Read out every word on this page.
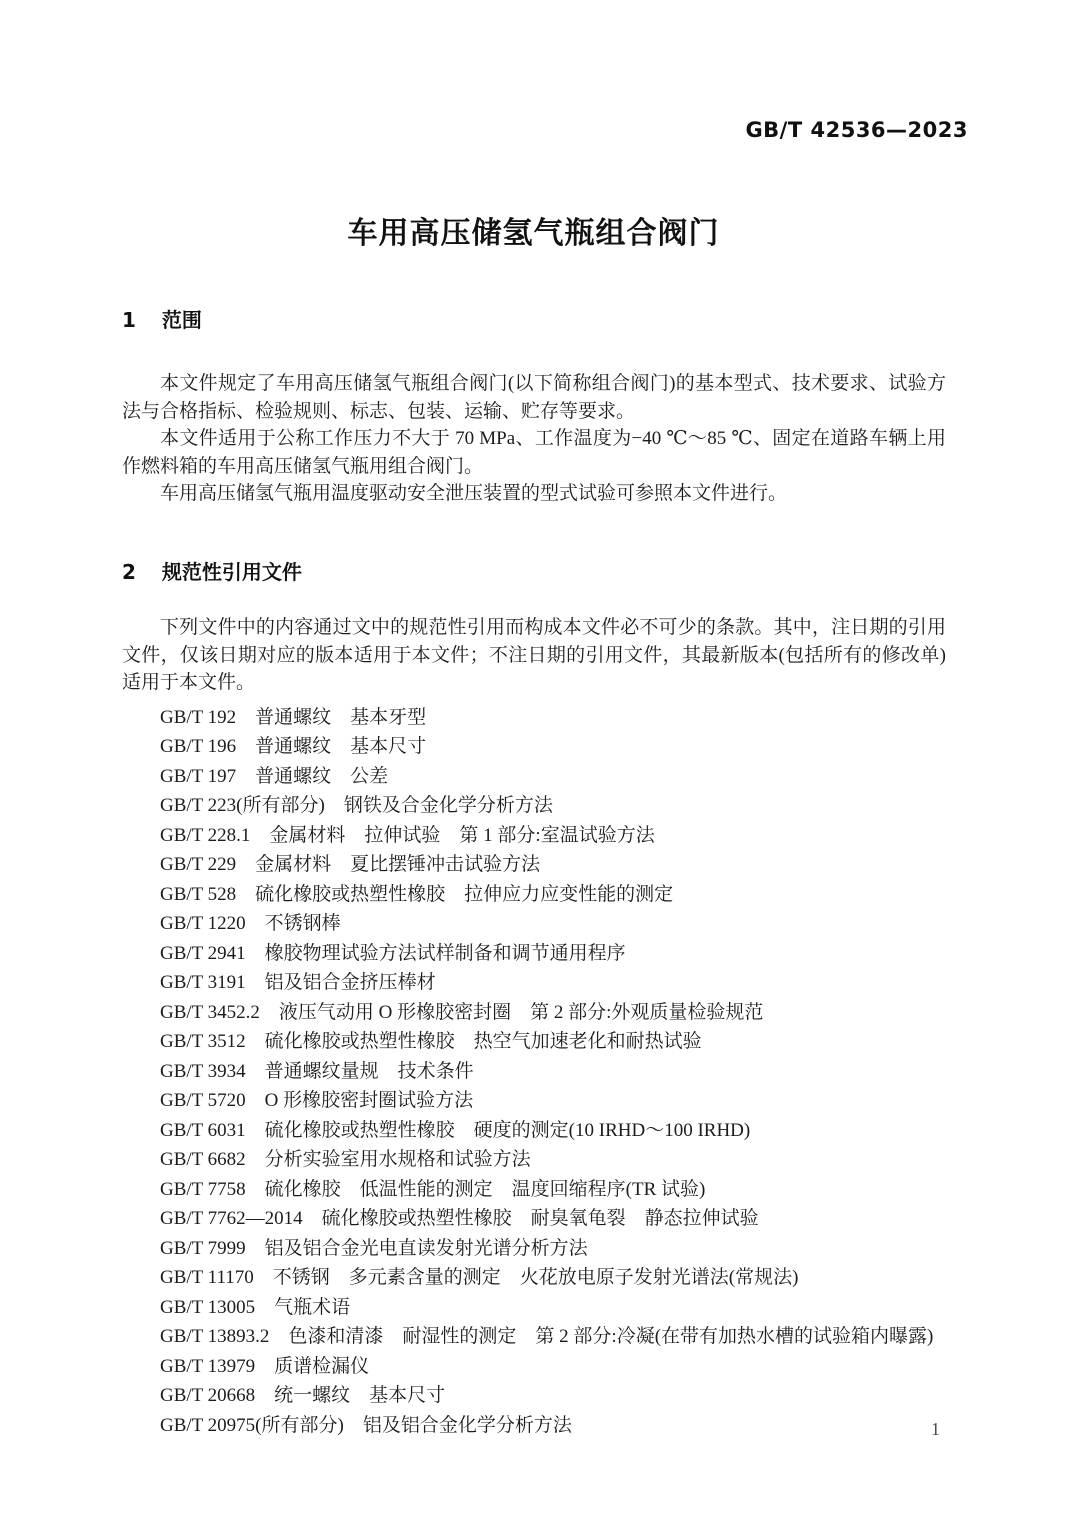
GB/T 42536—2023
车用高压储氢气瓶组合阀门
1 范围

本文件规定了车用高压储氢气瓶组合阀门(以下简称组合阀门)的基本型式、技术要求、试验方法与合格指标、检验规则、标志、包装、运输、贮存等要求。

本文件适用于公称工作压力不大于 70 MPa、工作温度为−40 ℃～85 ℃、固定在道路车辆上用作燃料箱的车用高压储氢气瓶用组合阀门。

车用高压储氢气瓶用温度驱动安全泄压装置的型式试验可参照本文件进行。

2 规范性引用文件

下列文件中的内容通过文中的规范性引用而构成本文件必不可少的条款。其中，注日期的引用文件，仅该日期对应的版本适用于本文件；不注日期的引用文件，其最新版本(包括所有的修改单)适用于本文件。

GB/T 192　普通螺纹　基本牙型
GB/T 196　普通螺纹　基本尺寸
GB/T 197　普通螺纹　公差
GB/T 223(所有部分)　钢铁及合金化学分析方法
GB/T 228.1　金属材料　拉伸试验　第 1 部分:室温试验方法
GB/T 229　金属材料　夏比摆锤冲击试验方法
GB/T 528　硫化橡胶或热塑性橡胶　拉伸应力应变性能的测定
GB/T 1220　不锈钢棒
GB/T 2941　橡胶物理试验方法试样制备和调节通用程序
GB/T 3191　铝及铝合金挤压棒材
GB/T 3452.2　液压气动用 O 形橡胶密封圈　第 2 部分:外观质量检验规范
GB/T 3512　硫化橡胶或热塑性橡胶　热空气加速老化和耐热试验
GB/T 3934　普通螺纹量规　技术条件
GB/T 5720　O 形橡胶密封圈试验方法
GB/T 6031　硫化橡胶或热塑性橡胶　硬度的测定(10 IRHD～100 IRHD)
GB/T 6682　分析实验室用水规格和试验方法
GB/T 7758　硫化橡胶　低温性能的测定　温度回缩程序(TR 试验)
GB/T 7762—2014　硫化橡胶或热塑性橡胶　耐臭氧龟裂　静态拉伸试验
GB/T 7999　铝及铝合金光电直读发射光谱分析方法
GB/T 11170　不锈钢　多元素含量的测定　火花放电原子发射光谱法(常规法)
GB/T 13005　气瓶术语
GB/T 13893.2　色漆和清漆　耐湿性的测定　第 2 部分:冷凝(在带有加热水槽的试验箱内曝露)
GB/T 13979　质谱检漏仪
GB/T 20668　统一螺纹　基本尺寸
GB/T 20975(所有部分)　铝及铝合金化学分析方法	1
